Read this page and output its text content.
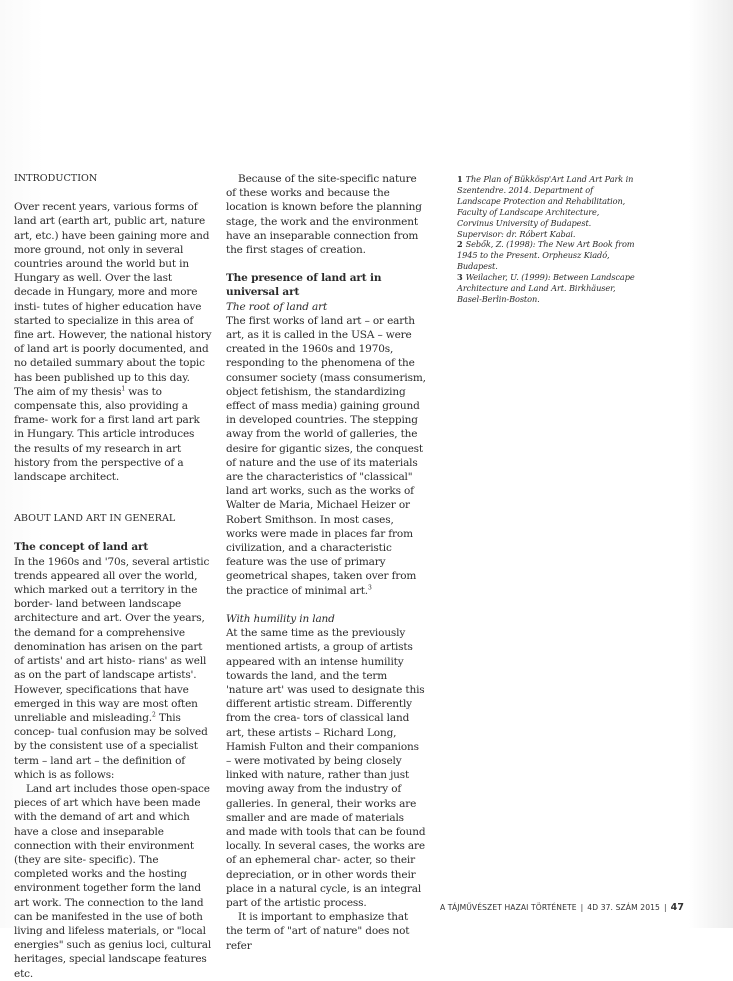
INTRODUCTION

Over recent years, various forms of land art (earth art, public art, nature art, etc.) have been gaining more and more ground, not only in several countries around the world but in Hungary as well. Over the last decade in Hungary, more and more insti- tutes of higher education have started to specialize in this area of fine art. However, the national history of land art is poorly documented, and no detailed summary about the topic has been published up to this day. The aim of my thesis$^1$ was to compensate this, also providing a frame- work for a first land art park in Hungary. This article introduces the results of my research in art history from the perspective of a landscape architect.

ABOUT LAND ART IN GENERAL

The concept of land art

In the 1960s and '70s, several artistic trends appeared all over the world, which marked out a territory in the border- land between landscape architecture and art. Over the years, the demand for a comprehensive denomination has arisen on the part of artists' and art histo- rians' as well as on the part of landscape artists'. However, specifications that have emerged in this way are most often unreliable and misleading.$^2$ This concep- tual confusion may be solved by the consistent use of a specialist term – land art – the definition of which is as follows:

Land art includes those open-space pieces of art which have been made with the demand of art and which have a close and inseparable connection with their environment (they are site- specific). The completed works and the hosting environment together form the land art work. The connection to the land can be manifested in the use of both living and lifeless materials, or "local energies" such as genius loci, cultural heritages, special landscape features etc.

Because of the site-specific nature of these works and because the location is known before the planning stage, the work and the environment have an inseparable connection from the first stages of creation.

The presence of land art in universal art

The root of land art

The first works of land art – or earth art, as it is called in the USA – were created in the 1960s and 1970s, responding to the phenomena of the consumer society (mass consumerism, object fetishism, the standardizing effect of mass media) gaining ground in developed countries. The stepping away from the world of galleries, the desire for gigantic sizes, the conquest of nature and the use of its materials are the characteristics of "classical" land art works, such as the works of Walter de Maria, Michael Heizer or Robert Smithson. In most cases, works were made in places far from civilization, and a characteristic feature was the use of primary geometrical shapes, taken over from the practice of minimal art.$^3$

With humility in land

At the same time as the previously mentioned artists, a group of artists appeared with an intense humility towards the land, and the term 'nature art' was used to designate this different artistic stream. Differently from the crea- tors of classical land art, these artists – Richard Long, Hamish Fulton and their companions – were motivated by being closely linked with nature, rather than just moving away from the industry of galleries. In general, their works are smaller and are made of materials and made with tools that can be found locally. In several cases, the works are of an ephemeral char- acter, so their depreciation, or in other words their place in a natural cycle, is an integral part of the artistic process.

It is important to emphasize that the term of "art of nature" does not refer

1 The Plan of Bükkösp'Art Land Art Park in Szentendre. 2014. Department of Landscape Protection and Rehabilitation, Faculty of Landscape Architecture, Corvinus University of Budapest. Supervisor: dr. Róbert Kabai.

2 Sebők, Z. (1998): The New Art Book from 1945 to the Present. Orpheusz Kiadó, Budapest.

3 Weilacher, U. (1999): Between Landscape Architecture and Land Art. Birkhäuser, Basel-Berlin-Boston.

A TÁJMŰVÉSZET HAZAI TÖRTÉNETE | 4D 37. SZÁM 2015 | 47
